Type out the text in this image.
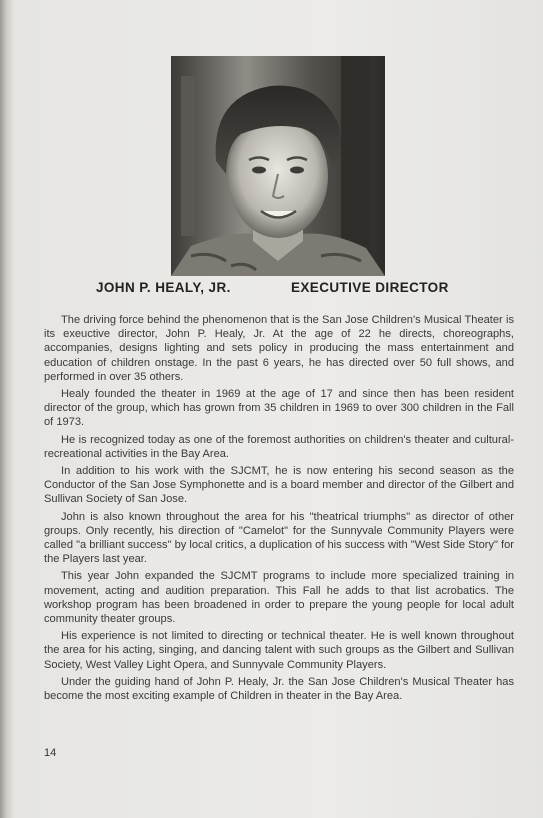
JOHN P. HEALY, JR.	EXECUTIVE DIRECTOR

The driving force behind the phenomenon that is the San Jose Children's Musical Theater is its exeuctive director, John P. Healy, Jr. At the age of 22 he directs, choreographs, accompanies, designs lighting and sets policy in producing the mass entertainment and education of children onstage. In the past 6 years, he has directed over 50 full shows, and performed in over 35 others.

Healy founded the theater in 1969 at the age of 17 and since then has been resident director of the group, which has grown from 35 children in 1969 to over 300 children in the Fall of 1973.

He is recognized today as one of the foremost authorities on children's theater and cultural-recreational activities in the Bay Area.

In addition to his work with the SJCMT, he is now entering his second season as the Conductor of the San Jose Symphonette and is a board member and director of the Gilbert and Sullivan Society of San Jose.

John is also known throughout the area for his "theatrical triumphs" as director of other groups. Only recently, his direction of "Camelot" for the Sunnyvale Community Players were called "a brilliant success" by local critics, a duplication of his success with "West Side Story" for the Players last year.

This year John expanded the SJCMT programs to include more specialized training in movement, acting and audition preparation. This Fall he adds to that list acrobatics. The workshop program has been broadened in order to prepare the young people for local adult community theater groups.

His experience is not limited to directing or technical theater. He is well known throughout the area for his acting, singing, and dancing talent with such groups as the Gilbert and Sullivan Society, West Valley Light Opera, and Sunnyvale Community Players.

Under the guiding hand of John P. Healy, Jr. the San Jose Children's Musical Theater has become the most exciting example of Children in theater in the Bay Area.

14
